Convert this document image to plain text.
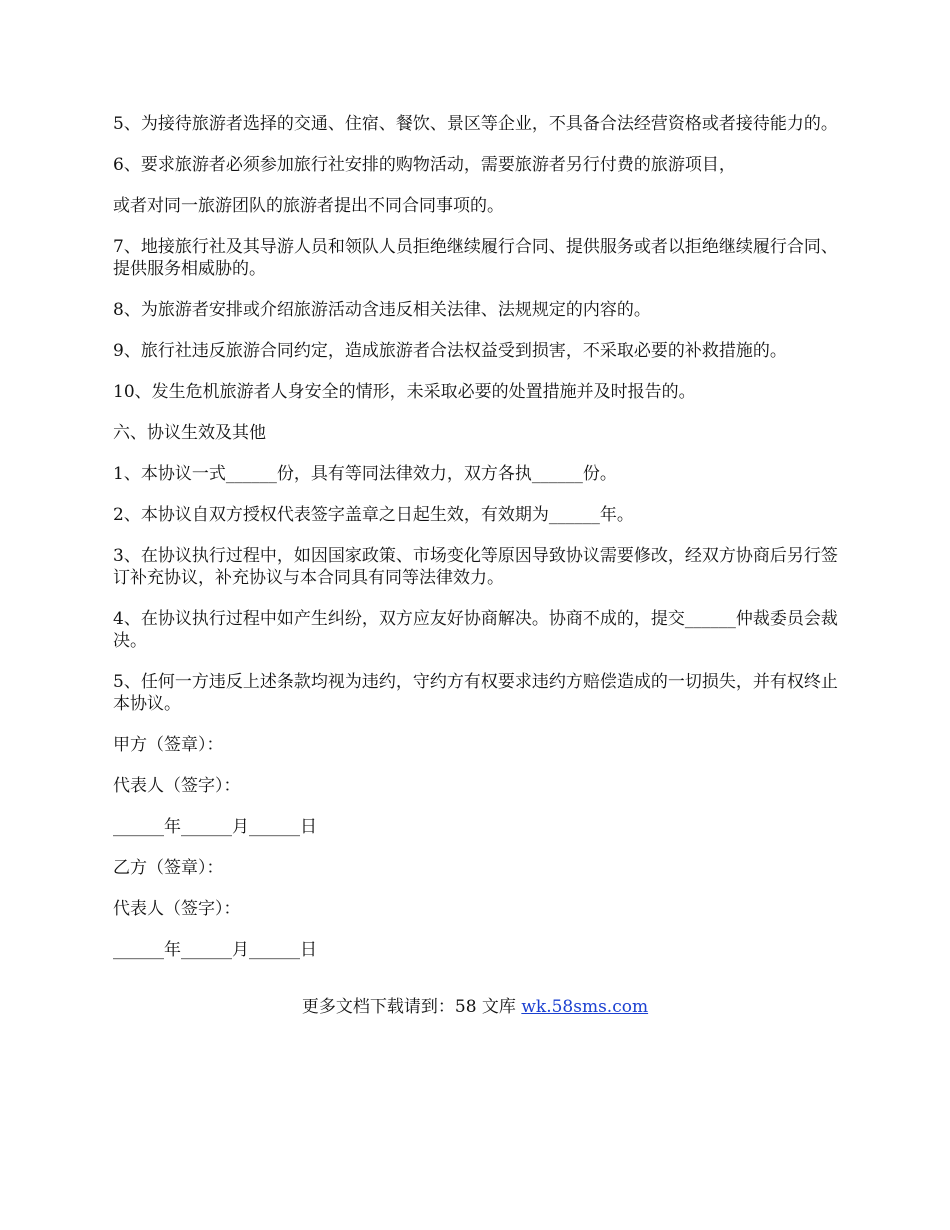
5、为接待旅游者选择的交通、住宿、餐饮、景区等企业，不具备合法经营资格或者接待能力的。

6、要求旅游者必须参加旅行社安排的购物活动，需要旅游者另行付费的旅游项目，

或者对同一旅游团队的旅游者提出不同合同事项的。

7、地接旅行社及其导游人员和领队人员拒绝继续履行合同、提供服务或者以拒绝继续履行合同、提供服务相威胁的。

8、为旅游者安排或介绍旅游活动含违反相关法律、法规规定的内容的。

9、旅行社违反旅游合同约定，造成旅游者合法权益受到损害，不采取必要的补救措施的。

10、发生危机旅游者人身安全的情形，未采取必要的处置措施并及时报告的。

六、协议生效及其他

1、本协议一式______份，具有等同法律效力，双方各执______份。

2、本协议自双方授权代表签字盖章之日起生效，有效期为______年。

3、在协议执行过程中，如因国家政策、市场变化等原因导致协议需要修改，经双方协商后另行签订补充协议，补充协议与本合同具有同等法律效力。

4、在协议执行过程中如产生纠纷，双方应友好协商解决。协商不成的，提交______仲裁委员会裁决。

5、任何一方违反上述条款均视为违约，守约方有权要求违约方赔偿造成的一切损失，并有权终止本协议。

甲方（签章）：

代表人（签字）：

______年______月______日

乙方（签章）：

代表人（签字）：

______年______月______日

更多文档下载请到：58 文库 wk.58sms.com
